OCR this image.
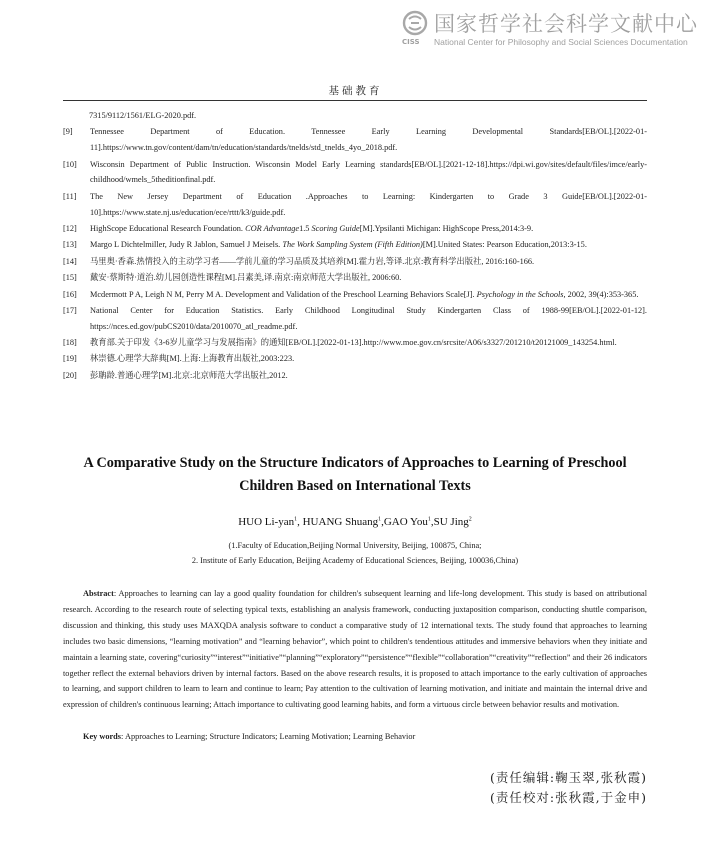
国家哲学社会科学文献中心
CISS National Center for Philosophy and Social Sciences Documentation
基础教育
7315/9112/1561/ELG-2020.pdf.
[9]	Tennessee Department of Education. Tennessee Early Learning Developmental Standards[EB/OL].[2022-01-11].https://www.tn.gov/content/dam/tn/education/standards/tnelds/std_tnelds_4yo_2018.pdf.
[10]	Wisconsin Department of Public Instruction. Wisconsin Model Early Learning standards[EB/OL].[2021-12-18].https://dpi.wi.gov/sites/default/files/imce/early-childhood/wmels_5theditionfinal.pdf.
[11]	The New Jersey Department of Education .Approaches to Learning: Kindergarten to Grade 3 Guide[EB/OL].[2022-01-10].https://www.state.nj.us/education/ece/rttt/k3/guide.pdf.
[12]	HighScope Educational Research Foundation. COR Advantage1.5 Scoring Guide[M].Ypsilanti Michigan: HighScope Press,2014:3-9.
[13]	Margo L Dichtelmiller, Judy R Jablon, Samuel J Meisels. The Work Sampling System (Fifth Edition)[M].United States: Pearson Education,2013:3-15.
[14]	马里奥·香森.热情投入的主动学习者——学前儿童的学习品质及其培养[M].霍力岩,等译.北京:教育科学出版社, 2016:160-166.
[15]	戴安·蔡斯特·道治.幼儿园创造性课程[M].吕素美,译.南京:南京师范大学出版社, 2006:60.
[16]	Mcdermott P A, Leigh N M, Perry M A. Development and Validation of the Preschool Learning Behaviors Scale[J]. Psychology in the Schools, 2002, 39(4):353-365.
[17]	National Center for Education Statistics. Early Childhood Longitudinal Study Kindergarten Class of 1988-99[EB/OL].[2022-01-12]. https://nces.ed.gov/pubCS2010/data/2010070_atl_readme.pdf.
[18]	教育部.关于印发《3-6岁儿童学习与发展指南》的通知[EB/OL].[2022-01-13].http://www.moe.gov.cn/srcsite/A06/s3327/201210/t20121009_143254.html.
[19]	林崇德.心理学大辞典[M].上海:上海教育出版社,2003:223.
[20]	彭聃龄.普通心理学[M].北京:北京师范大学出版社,2012.
A Comparative Study on the Structure Indicators of Approaches to Learning of Preschool Children Based on International Texts
HUO Li-yan$^1$, HUANG Shuang$^1$,GAO You$^1$,SU Jing$^2$
(1.Faculty of Education,Beijing Normal University, Beijing, 100875, China;
2. Institute of Early Education, Beijing Academy of Educational Sciences, Beijing, 100036,China)
Abstract: Approaches to learning can lay a good quality foundation for children's subsequent learning and life-long development. This study is based on attributional research. According to the research route of selecting typical texts, establishing an analysis framework, conducting juxtaposition comparison, conducting shuttle comparison, discussion and thinking, this study uses MAXQDA analysis software to conduct a comparative study of 12 international texts. The study found that approaches to learning includes two basic dimensions, “learning motivation” and “learning behavior”, which point to children's tendentious attitudes and immersive behaviors when they initiate and maintain a learning state, covering“curiosity”“interest”“initiative”“planning”“exploratory”“persistence”“flexible”“collaboration”“creativity”“reflection” and their 26 indicators together reflect the external behaviors driven by internal factors. Based on the above research results, it is proposed to attach importance to the early cultivation of approaches to learning, and support children to learn to learn and continue to learn; Pay attention to the cultivation of learning motivation, and initiate and maintain the internal drive and expression of children's continuous learning; Attach importance to cultivating good learning habits, and form a virtuous circle between behavior results and motivation.
Key words: Approaches to Learning; Structure Indicators; Learning Motivation; Learning Behavior
(责任编辑:鞠玉翠,张秋霞)
(责任校对:张秋霞,于金申)
